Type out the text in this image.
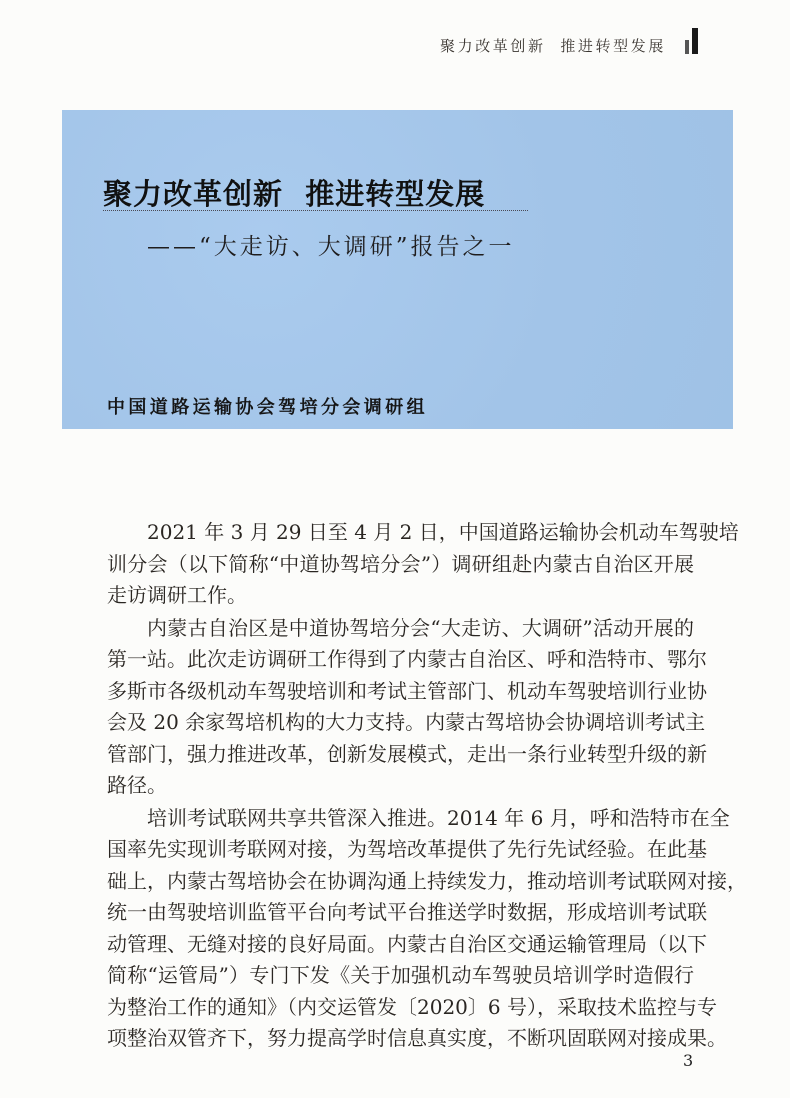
聚力改革创新  推进转型发展
聚力改革创新  推进转型发展
——“大走访、大调研”报告之一
中国道路运输协会驾培分会调研组
2021 年 3 月 29 日至 4 月 2 日，中国道路运输协会机动车驾驶培
训分会（以下简称“中道协驾培分会”）调研组赴内蒙古自治区开展
走访调研工作。
内蒙古自治区是中道协驾培分会“大走访、大调研”活动开展的
第一站。此次走访调研工作得到了内蒙古自治区、呼和浩特市、鄂尔
多斯市各级机动车驾驶培训和考试主管部门、机动车驾驶培训行业协
会及 20 余家驾培机构的大力支持。内蒙古驾培协会协调培训考试主
管部门，强力推进改革，创新发展模式，走出一条行业转型升级的新
路径。
培训考试联网共享共管深入推进。2014 年 6 月，呼和浩特市在全
国率先实现训考联网对接，为驾培改革提供了先行先试经验。在此基
础上，内蒙古驾培协会在协调沟通上持续发力，推动培训考试联网对接，
统一由驾驶培训监管平台向考试平台推送学时数据，形成培训考试联
动管理、无缝对接的良好局面。内蒙古自治区交通运输管理局（以下
简称“运管局”）专门下发《关于加强机动车驾驶员培训学时造假行
为整治工作的通知》（内交运管发〔2020〕6 号），采取技术监控与专
项整治双管齐下，努力提高学时信息真实度，不断巩固联网对接成果。
3
